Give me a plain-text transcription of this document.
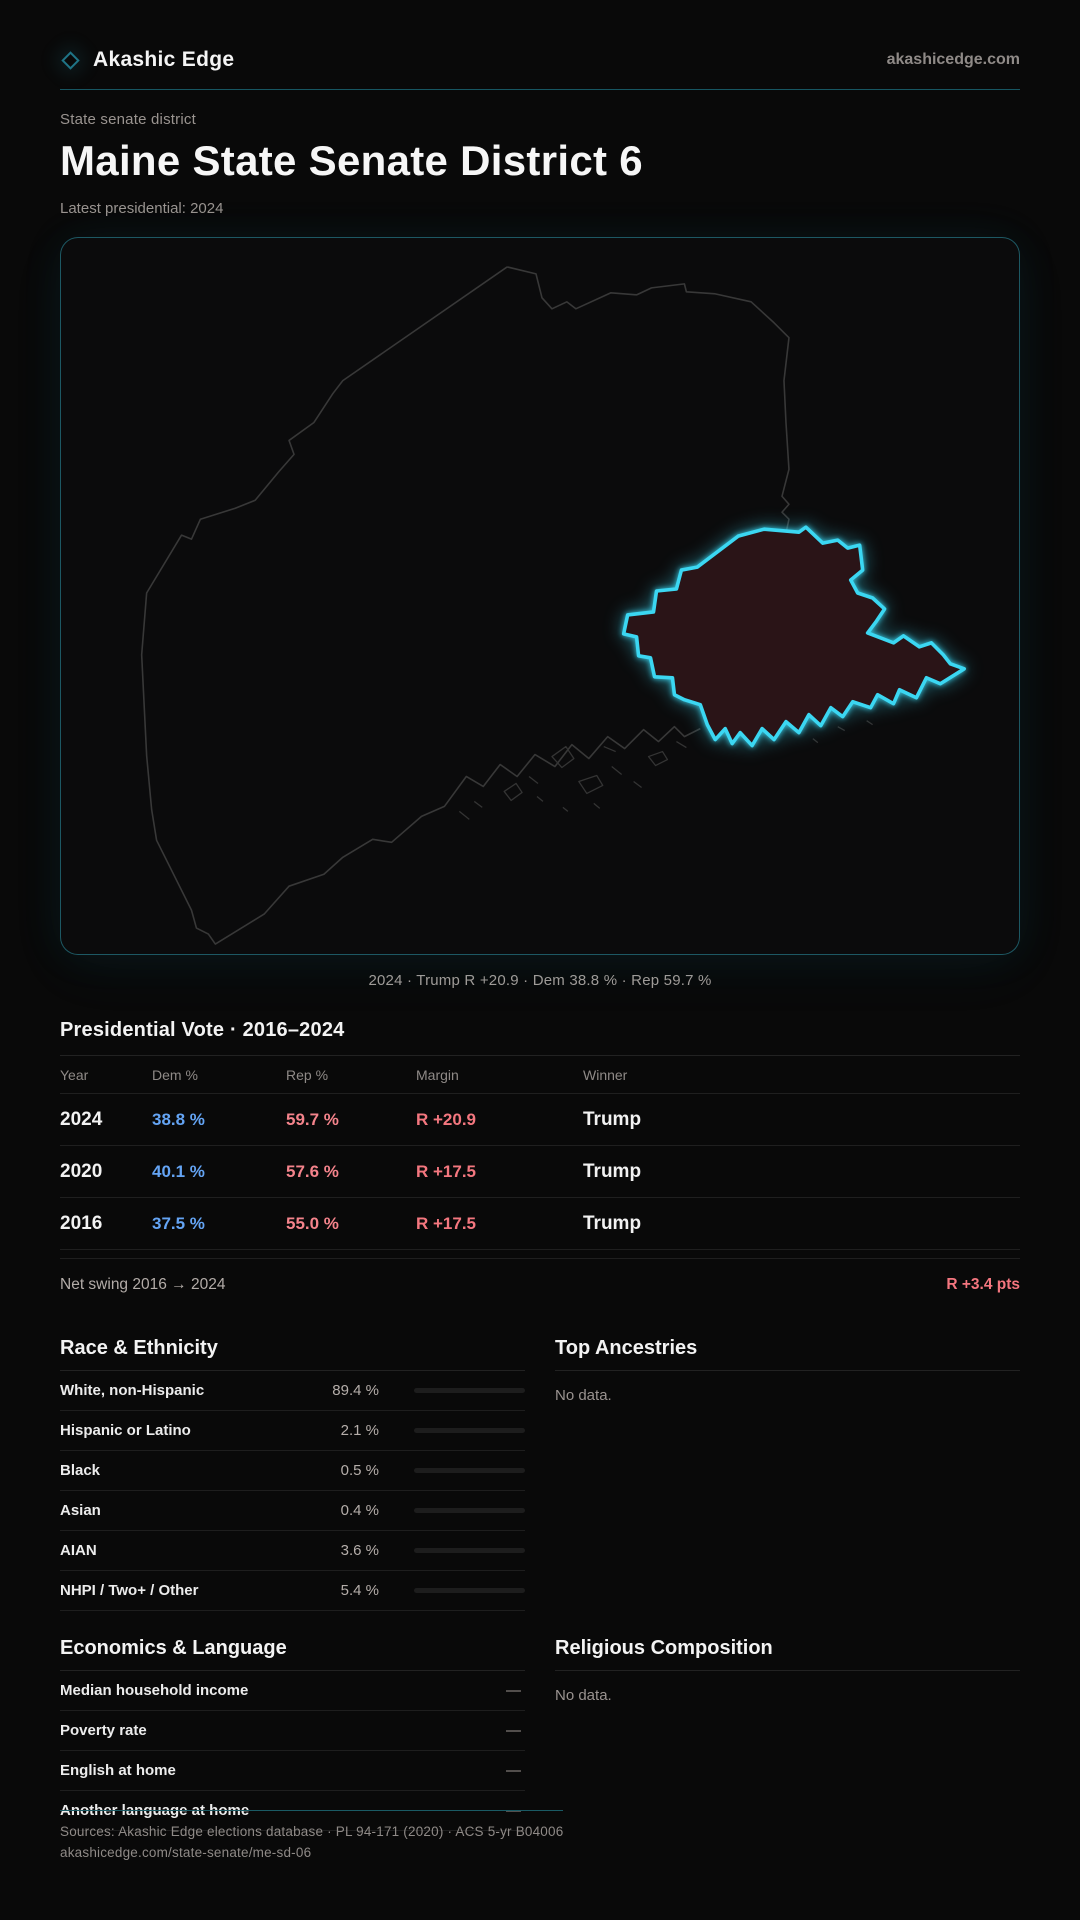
Akashic Edge	akashicedge.com
State senate district
Maine State Senate District 6
Latest presidential: 2024
2024 · Trump R +20.9 · Dem 38.8 % · Rep 59.7 %
Presidential Vote · 2016–2024
Year	Dem %	Rep %	Margin	Winner
2024	38.8 %	59.7 %	R +20.9	Trump
2020	40.1 %	57.6 %	R +17.5	Trump
2016	37.5 %	55.0 %	R +17.5	Trump
Net swing 2016 → 2024	R +3.4 pts
Race & Ethnicity
White, non-Hispanic	89.4 %
Hispanic or Latino	2.1 %
Black	0.5 %
Asian	0.4 %
AIAN	3.6 %
NHPI / Two+ / Other	5.4 %
Top Ancestries
No data.
Economics & Language
Median household income	—
Poverty rate	—
English at home	—
Another language at home	—
Religious Composition
No data.
Sources: Akashic Edge elections database · PL 94-171 (2020) · ACS 5-yr B04006
akashicedge.com/state-senate/me-sd-06
